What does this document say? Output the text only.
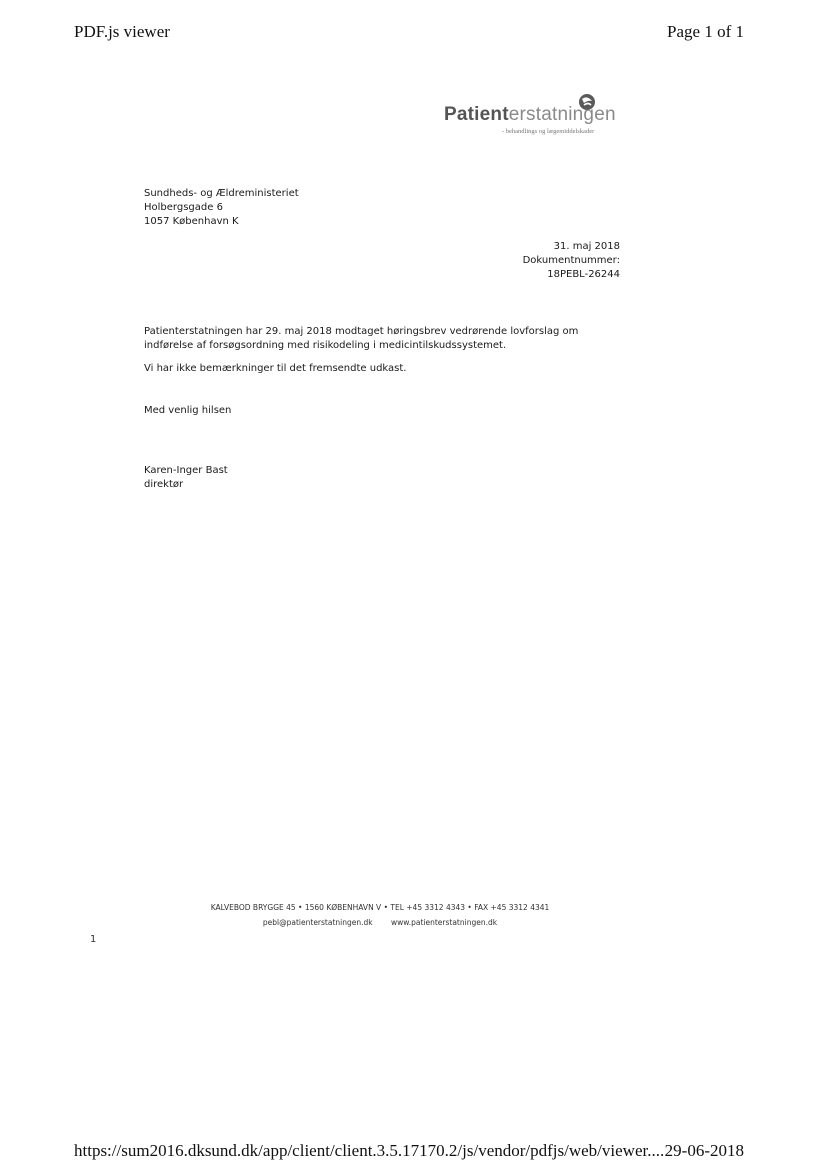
PDF.js viewer	Page 1 of 1
Patienterstatningen
- behandlings og lægemiddelskader
Sundheds- og Ældreministeriet
Holbergsgade 6
1057 København K
31. maj 2018
Dokumentnummer:
18PEBL-26244

Patienterstatningen har 29. maj 2018 modtaget høringsbrev vedrørende lovforslag om indførelse af forsøgsordning med risikodeling i medicintilskudssystemet.

Vi har ikke bemærkninger til det fremsendte udkast.

Med venlig hilsen
Karen-Inger Bast
direktør
KALVEBOD BRYGGE 45 • 1560 KØBENHAVN V • TEL +45 3312 4343 • FAX +45 3312 4341
pebl@patienterstatningen.dk www.patienterstatningen.dk
1
https://sum2016.dksund.dk/app/client/client.3.5.17170.2/js/vendor/pdfjs/web/viewer.... 29-06-2018
